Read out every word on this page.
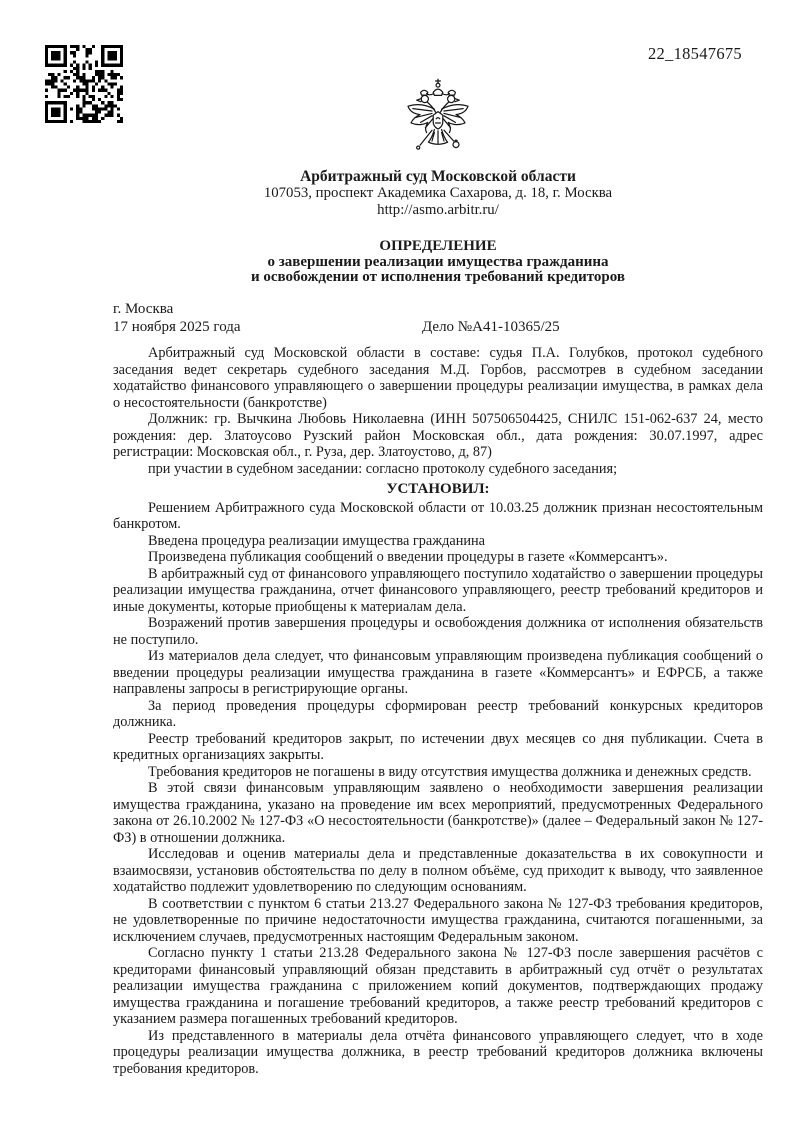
22_18547675
Арбитражный суд Московской области
107053, проспект Академика Сахарова, д. 18, г. Москва
http://asmo.arbitr.ru/
ОПРЕДЕЛЕНИЕ
о завершении реализации имущества гражданина
и освобождении от исполнения требований кредиторов
г. Москва
17 ноября 2025 года	Дело №А41-10365/25

Арбитражный суд Московской области в составе: судья П.А. Голубков, протокол судебного заседания ведет секретарь судебного заседания М.Д. Горбов, рассмотрев в судебном заседании ходатайство финансового управляющего о завершении процедуры реализации имущества, в рамках дела о несостоятельности (банкротстве)

Должник: гр. Вычкина Любовь Николаевна (ИНН 507506504425, СНИЛС 151-062-637 24, место рождения: дер. Златоусово Рузский район Московская обл., дата рождения: 30.07.1997, адрес регистрации: Московская обл., г. Руза, дер. Златоустово, д, 87)

при участии в судебном заседании: согласно протоколу судебного заседания;

УСТАНОВИЛ:

Решением Арбитражного суда Московской области от 10.03.25 должник признан несостоятельным банкротом.

Введена процедура реализации имущества гражданина

Произведена публикация сообщений о введении процедуры в газете «Коммерсантъ».

В арбитражный суд от финансового управляющего поступило ходатайство о завершении процедуры реализации имущества гражданина, отчет финансового управляющего, реестр требований кредиторов и иные документы, которые приобщены к материалам дела.

Возражений против завершения процедуры и освобождения должника от исполнения обязательств не поступило.

Из материалов дела следует, что финансовым управляющим произведена публикация сообщений о введении процедуры реализации имущества гражданина в газете «Коммерсантъ» и ЕФРСБ, а также направлены запросы в регистрирующие органы.

За период проведения процедуры сформирован реестр требований конкурсных кредиторов должника.

Реестр требований кредиторов закрыт, по истечении двух месяцев со дня публикации. Счета в кредитных организациях закрыты.

Требования кредиторов не погашены в виду отсутствия имущества должника и денежных средств.

В этой связи финансовым управляющим заявлено о необходимости завершения реализации имущества гражданина, указано на проведение им всех мероприятий, предусмотренных Федерального закона от 26.10.2002 № 127-ФЗ «О несостоятельности (банкротстве)» (далее – Федеральный закон № 127-ФЗ) в отношении должника.

Исследовав и оценив материалы дела и представленные доказательства в их совокупности и взаимосвязи, установив обстоятельства по делу в полном объёме, суд приходит к выводу, что заявленное ходатайство подлежит удовлетворению по следующим основаниям.

В соответствии с пунктом 6 статьи 213.27 Федерального закона № 127-ФЗ требования кредиторов, не удовлетворенные по причине недостаточности имущества гражданина, считаются погашенными, за исключением случаев, предусмотренных настоящим Федеральным законом.

Согласно пункту 1 статьи 213.28 Федерального закона № 127-ФЗ после завершения расчётов с кредиторами финансовый управляющий обязан представить в арбитражный суд отчёт о результатах реализации имущества гражданина с приложением копий документов, подтверждающих продажу имущества гражданина и погашение требований кредиторов, а также реестр требований кредиторов с указанием размера погашенных требований кредиторов.

Из представленного в материалы дела отчёта финансового управляющего следует, что в ходе процедуры реализации имущества должника, в реестр требований кредиторов должника включены требования кредиторов.
